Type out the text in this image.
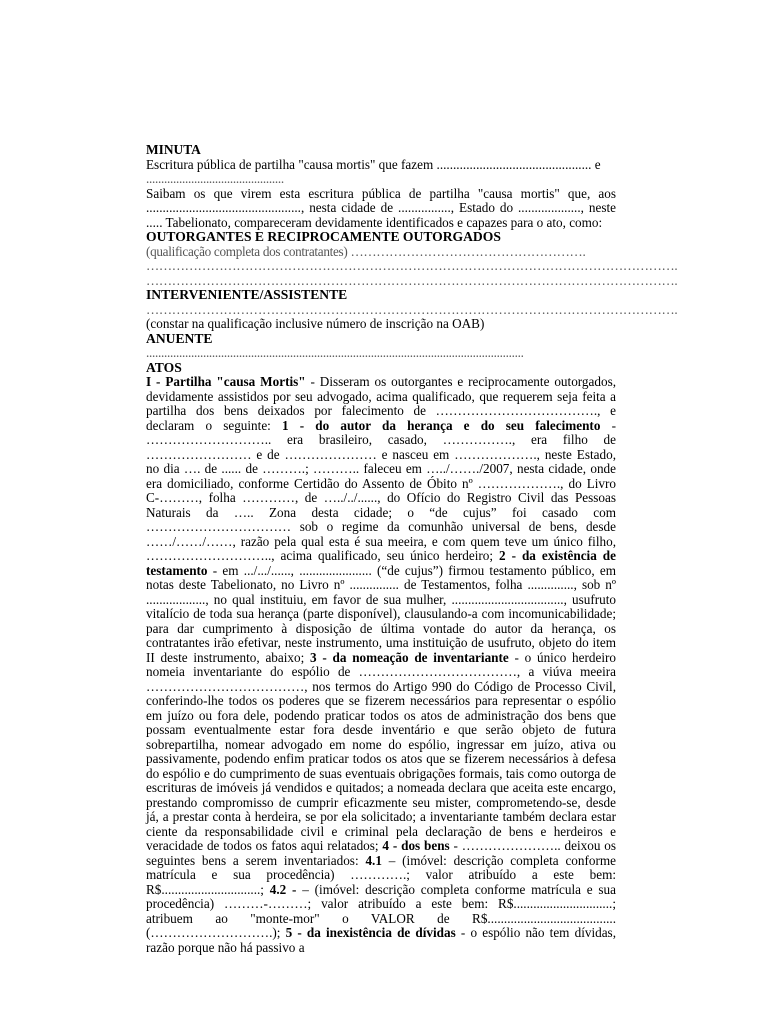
MINUTA

Escritura pública de partilha "causa mortis" que fazem ............................................... e

..............................................

Saibam os que virem esta escritura pública de partilha "causa mortis" que, aos ..............................................., nesta cidade de ................, Estado do ..................., neste ..... Tabelionato, compareceram devidamente identificados e capazes para o ato, como:

OUTORGANTES E RECIPROCAMENTE OUTORGADOS

(qualificação completa dos contratantes) ……………………………………………….

…………………………………………………………………………………………………………….

…………………………………………………………………………………………………………….

INTERVENIENTE/ASSISTENTE

…………………………………………………………………………………………………………….

(constar na qualificação inclusive número de inscrição na OAB)

ANUENTE

..............................................................................................................................

ATOS

I - Partilha "causa Mortis" - Disseram os outorgantes e reciprocamente outorgados, devidamente assistidos por seu advogado, acima qualificado, que requerem seja feita a partilha dos bens deixados por falecimento de ………………………………., e declaram o seguinte: 1 - do autor da herança e do seu falecimento - ……………………….. era brasileiro, casado, ……………., era filho de …………………… e de ………………… e nasceu em ………………., neste Estado, no dia …. de ...... de ……….; ……….. faleceu em …../……./2007, nesta cidade, onde era domiciliado, conforme Certidão do Assento de Óbito nº ………………., do Livro C-………, folha …………, de …../../......, do Ofício do Registro Civil das Pessoas Naturais da ….. Zona desta cidade; o “de cujus” foi casado com …………………………… sob o regime da comunhão universal de bens, desde ……/……/……, razão pela qual esta é sua meeira, e com quem teve um único filho, ……………………….., acima qualificado, seu único herdeiro; 2 - da existência de testamento - em .../.../......, ...................... (“de cujus”) firmou testamento público, em notas deste Tabelionato, no Livro nº ............... de Testamentos, folha .............., sob nº .................., no qual instituiu, em favor de sua mulher, .................................., usufruto vitalício de toda sua herança (parte disponível), clausulando-a com incomunicabilidade; para dar cumprimento à disposição de última vontade do autor da herança, os contratantes irão efetivar, neste instrumento, uma instituição de usufruto, objeto do item II deste instrumento, abaixo; 3 - da nomeação de inventariante - o único herdeiro nomeia inventariante do espólio de ………………………………, a viúva meeira ………………………………, nos termos do Artigo 990 do Código de Processo Civil, conferindo-lhe todos os poderes que se fizerem necessários para representar o espólio em juízo ou fora dele, podendo praticar todos os atos de administração dos bens que possam eventualmente estar fora desde inventário e que serão objeto de futura sobrepartilha, nomear advogado em nome do espólio, ingressar em juízo, ativa ou passivamente, podendo enfim praticar todos os atos que se fizerem necessários à defesa do espólio e do cumprimento de suas eventuais obrigações formais, tais como outorga de escrituras de imóveis já vendidos e quitados; a nomeada declara que aceita este encargo, prestando compromisso de cumprir eficazmente seu mister, comprometendo-se, desde já, a prestar conta à herdeira, se por ela solicitado; a inventariante também declara estar ciente da responsabilidade civil e criminal pela declaração de bens e herdeiros e veracidade de todos os fatos aqui relatados; 4 - dos bens - ………………….. deixou os seguintes bens a serem inventariados: 4.1 – (imóvel: descrição completa conforme matrícula e sua procedência) ………….; valor atribuído a este bem: R$..............................; 4.2 - – (imóvel: descrição completa conforme matrícula e sua procedência) ………-………; valor atribuído a este bem: R$..............................; atribuem ao "monte-mor" o VALOR de R$....................................... (……………………….); 5 - da inexistência de dívidas - o espólio não tem dívidas, razão porque não há passivo a
